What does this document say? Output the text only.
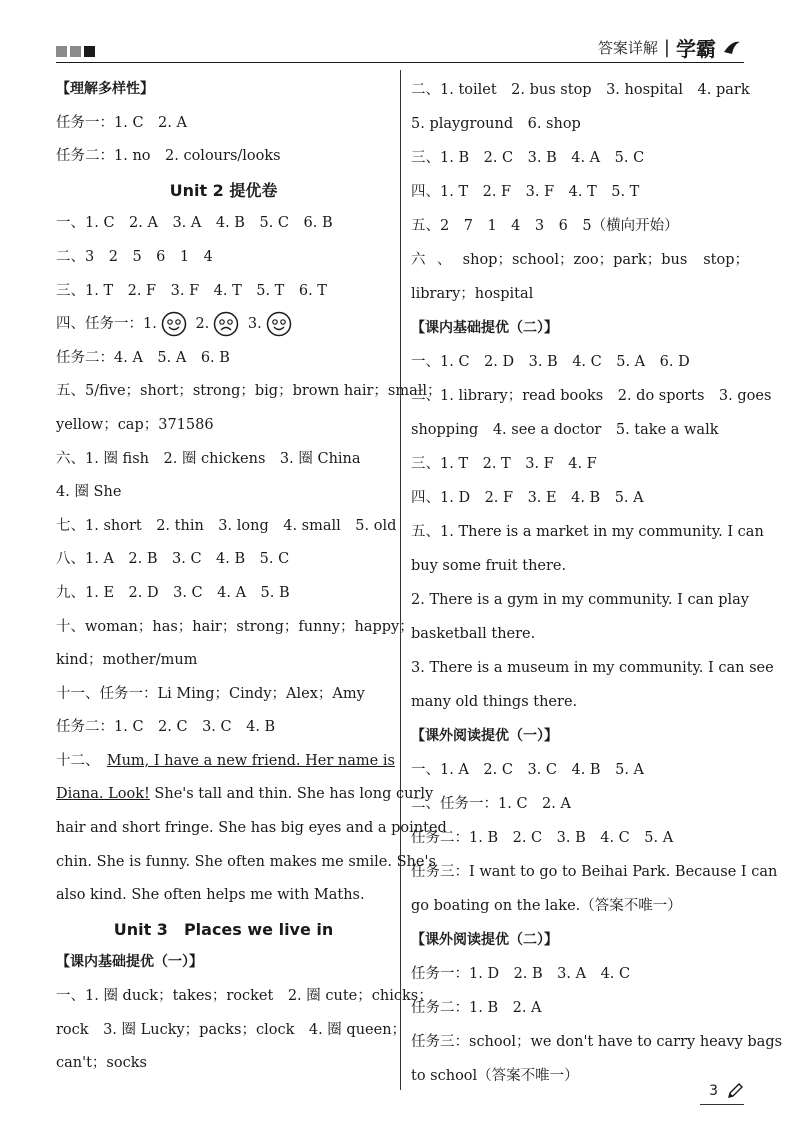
答案详解 | 学霸
【理解多样性】
任务一：1. C　2. A
任务二：1. no　2. colours/looks
Unit 2 提优卷
一、1. C　2. A　3. A　4. B　5. C　6. B
二、3　2　5　6　1　4
三、1. T　2. F　3. F　4. T　5. T　6. T
四、任务一：1.	2.	3.
任务二：4. A　5. A　6. B
五、5/five；short；strong；big；brown hair；small；
yellow；cap；371586
六、1. 圈 fish　2. 圈 chickens　3. 圈 China
4. 圈 She
七、1. short　2. thin　3. long　4. small　5. old
八、1. A　2. B　3. C　4. B　5. C
九、1. E　2. D　3. C　4. A　5. B
十、woman；has；hair；strong；funny；happy；
kind；mother/mum
十一、任务一：Li Ming；Cindy；Alex；Amy
任务二：1. C　2. C　3. C　4. B
十二、　 Mum, I have a new friend. Her name is
Diana. Look! She's tall and thin. She has long curly
hair and short fringe. She has big eyes and a pointed
chin. She is funny. She often makes me smile. She's
also kind. She often helps me with Maths.
Unit 3　Places we live in
【课内基础提优（一）】
一、1. 圈 duck；takes；rocket　2. 圈 cute；chicks；
rock　3. 圈 Lucky；packs；clock　4. 圈 queen；
can't；socks
二、1. toilet　2. bus stop　3. hospital　4. park
5. playground　6. shop
三、1. B　2. C　3. B　4. A　5. C
四、1. T　2. F　3. F　4. T　5. T
五、2　7　1　4　3　6　5（横向开始）
六、shop；school；zoo；park；bus stop；
library；hospital
【课内基础提优（二）】
一、1. C　2. D　3. B　4. C　5. A　6. D
二、1. library；read books　2. do sports　3. goes
shopping　4. see a doctor　5. take a walk
三、1. T　2. T　3. F　4. F
四、1. D　2. F　3. E　4. B　5. A
五、1. There is a market in my community. I can
buy some fruit there.
2. There is a gym in my community. I can play
basketball there.
3. There is a museum in my community. I can see
many old things there.
【课外阅读提优（一）】
一、1. A　2. C　3. C　4. B　5. A
二、任务一：1. C　2. A
任务二：1. B　2. C　3. B　4. C　5. A
任务三：I want to go to Beihai Park. Because I can
go boating on the lake.（答案不唯一）
【课外阅读提优（二）】
任务一：1. D　2. B　3. A　4. C
任务二：1. B　2. A
任务三：school；we don't have to carry heavy bags
to school（答案不唯一）
3
